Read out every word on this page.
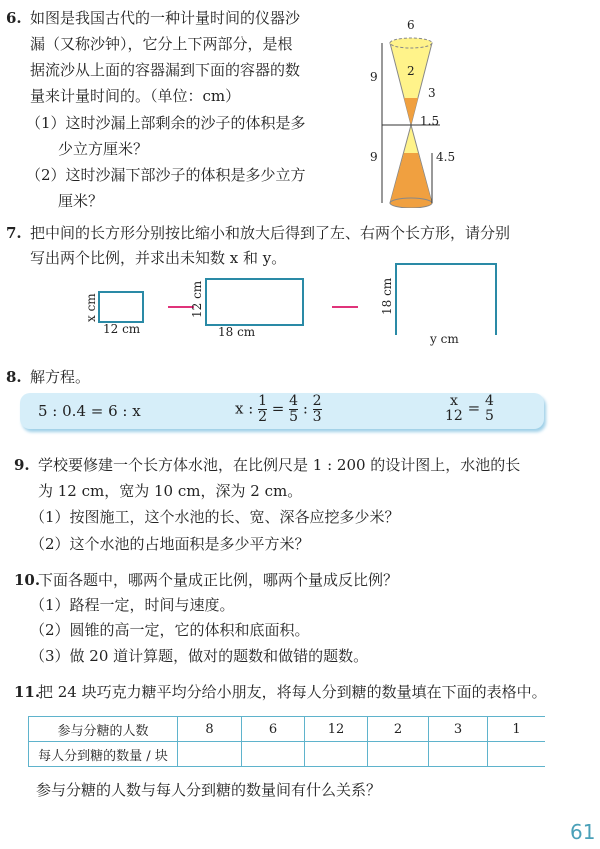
6. 如图是我国古代的一种计量时间的仪器沙
漏（又称沙钟），它分上下两部分，是根
据流沙从上面的容器漏到下面的容器的数
量来计量时间的。（单位：cm）
（1）这时沙漏上部剩余的沙子的体积是多
少立方厘米？
（2）这时沙漏下部沙子的体积是多少立方
厘米？
6
2
3
9
9
1.5
4.5
7. 把中间的长方形分别按比缩小和放大后得到了左、右两个长方形，请分别
写出两个比例，并求出未知数 x 和 y。
x cm
12 cm
12 cm
18 cm
18 cm
y cm
8. 解方程。
5 : 0.4 = 6 : x	x : $\frac{1}{2} = \frac{4}{5}$ : $\frac{2}{3}$	x
12 = 4
5
9. 学校要修建一个长方体水池，在比例尺是 1 : 200 的设计图上，水池的长
为 12 cm，宽为 10 cm，深为 2 cm。
（1）按图施工，这个水池的长、宽、深各应挖多少米？
（2）这个水池的占地面积是多少平方米？
10.
下面各题中，哪两个量成正比例，哪两个量成反比例？
（1）路程一定，时间与速度。
（2）圆锥的高一定，它的体积和底面积。
（3）做 20 道计算题，做对的题数和做错的题数。
11.
把 24 块巧克力糖平均分给小朋友，将每人分到糖的数量填在下面的表格中。
参与分糖的人数	8	6	12	2	3	1
每人分到糖的数量 / 块						
参与分糖的人数与每人分到糖的数量间有什么关系？
61
